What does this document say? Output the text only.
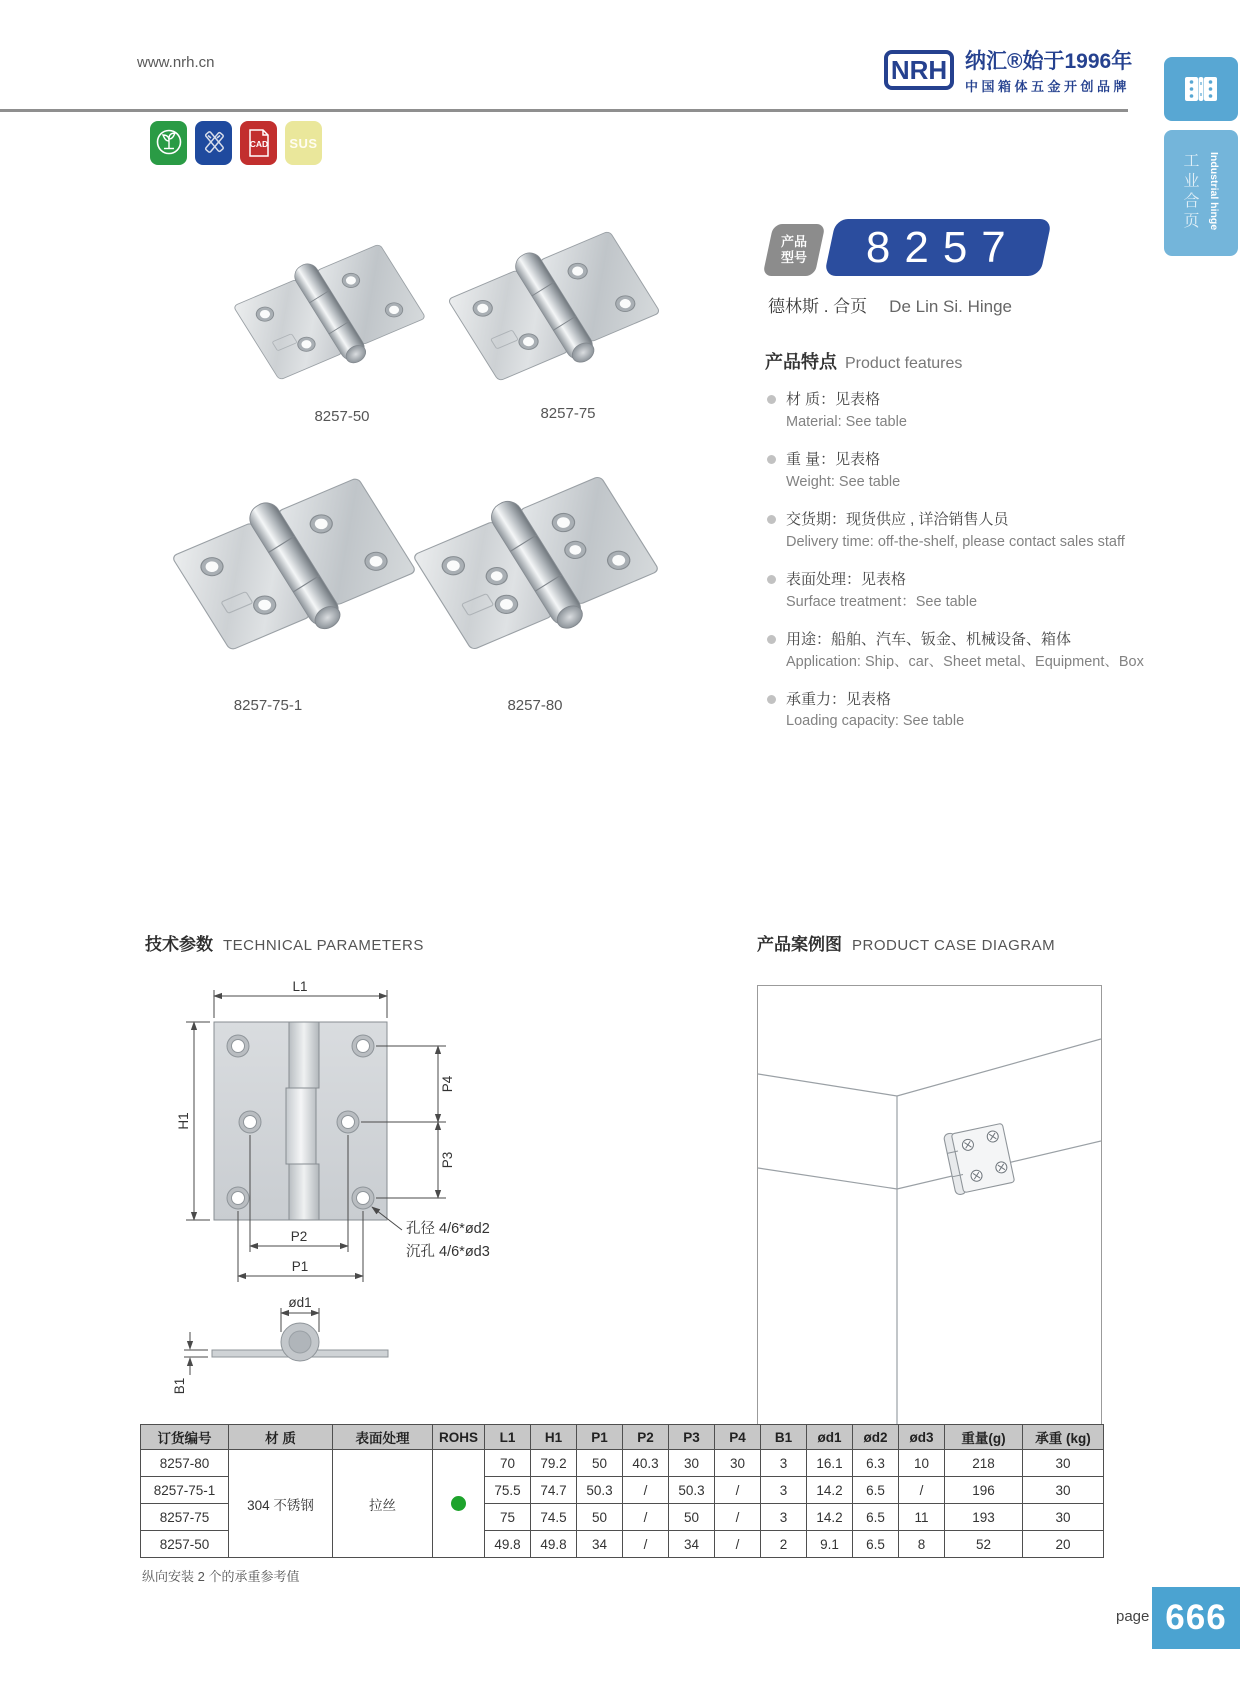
www.nrh.cn	NRH 纳汇®始于1996年
中国箱体五金开创品牌
CAD SUS
工业合页 Industrial hinge
8257-50	8257-75
8257-75-1	8257-80
产品
型号 8257
德林斯 . 合页 De Lin Si. Hinge
产品特点 Product features
材 质：见表格
Material: See table
重 量：见表格
Weight: See table
交货期：现货供应 , 详洽销售人员
Delivery time: off-the-shelf, please contact sales staff
表面处理：见表格
Surface treatment：See table
用途：船舶、汽车、钣金、机械设备、箱体
Application: Ship、car、Sheet metal、Equipment、Box
承重力：见表格
Loading capacity: See table
技术参数 TECHNICAL PARAMETERS	产品案例图 PRODUCT CASE DIAGRAM
L1
H1
P4
P3
P2
P1
孔径 4/6*ød2
沉孔 4/6*ød3
ød1
B1
订货编号	材 质	表面处理	ROHS	L1	H1	P1	P2	P3	P4	B1	ød1	ød2	ød3	重量(g)	承重 (kg)
8257-80	304 不锈钢	拉丝		70	79.2	50	40.3	30	30	3	16.1	6.3	10	218	30
8257-75-1				75.5	74.7	50.3	/	50.3	/	3	14.2	6.5	/	196	30
8257-75				75	74.5	50	/	50	/	3	14.2	6.5	11	193	30
8257-50				49.8	49.8	34	/	34	/	2	9.1	6.5	8	52	20
纵向安装 2 个的承重参考值
page 666
